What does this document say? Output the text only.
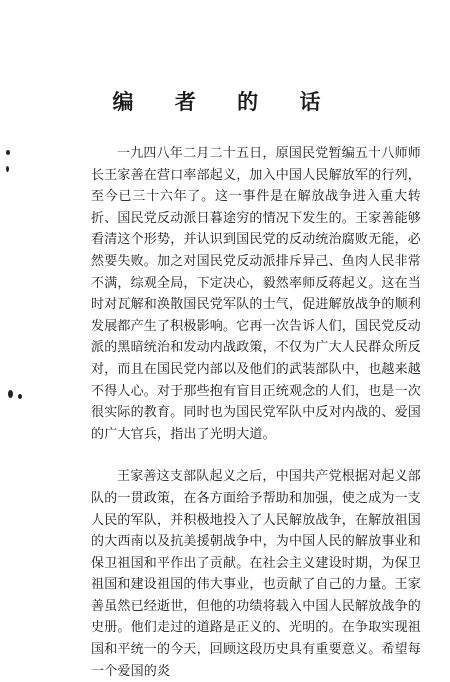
编 者 的 话

一九四八年二月二十五日，原国民党暂编五十八师师长王家善在营口率部起义，加入中国人民解放军的行列，至今已三十六年了。这一事件是在解放战争进入重大转折、国民党反动派日暮途穷的情况下发生的。王家善能够看清这个形势，并认识到国民党的反动统治腐败无能，必然要失败。加之对国民党反动派排斥异己、鱼肉人民非常不满，综观全局，下定决心，毅然率师反蒋起义。这在当时对瓦解和涣散国民党军队的士气，促进解放战争的顺利发展都产生了积极影响。它再一次告诉人们，国民党反动派的黑暗统治和发动内战政策，不仅为广大人民群众所反对，而且在国民党内部以及他们的武装部队中，也越来越不得人心。对于那些抱有盲目正统观念的人们，也是一次很实际的教育。同时也为国民党军队中反对内战的、爱国的广大官兵，指出了光明大道。

王家善这支部队起义之后，中国共产党根据对起义部队的一贯政策，在各方面给予帮助和加强，使之成为一支人民的军队，并积极地投入了人民解放战争，在解放祖国的大西南以及抗美援朝战争中，为中国人民的解放事业和保卫祖国和平作出了贡献。在社会主义建设时期，为保卫祖国和建设祖国的伟大事业，也贡献了自己的力量。王家善虽然已经逝世，但他的功绩将载入中国人民解放战争的史册。他们走过的道路是正义的、光明的。在争取实现祖国和平统一的今天，回顾这段历史具有重要意义。希望每一个爱国的炎
